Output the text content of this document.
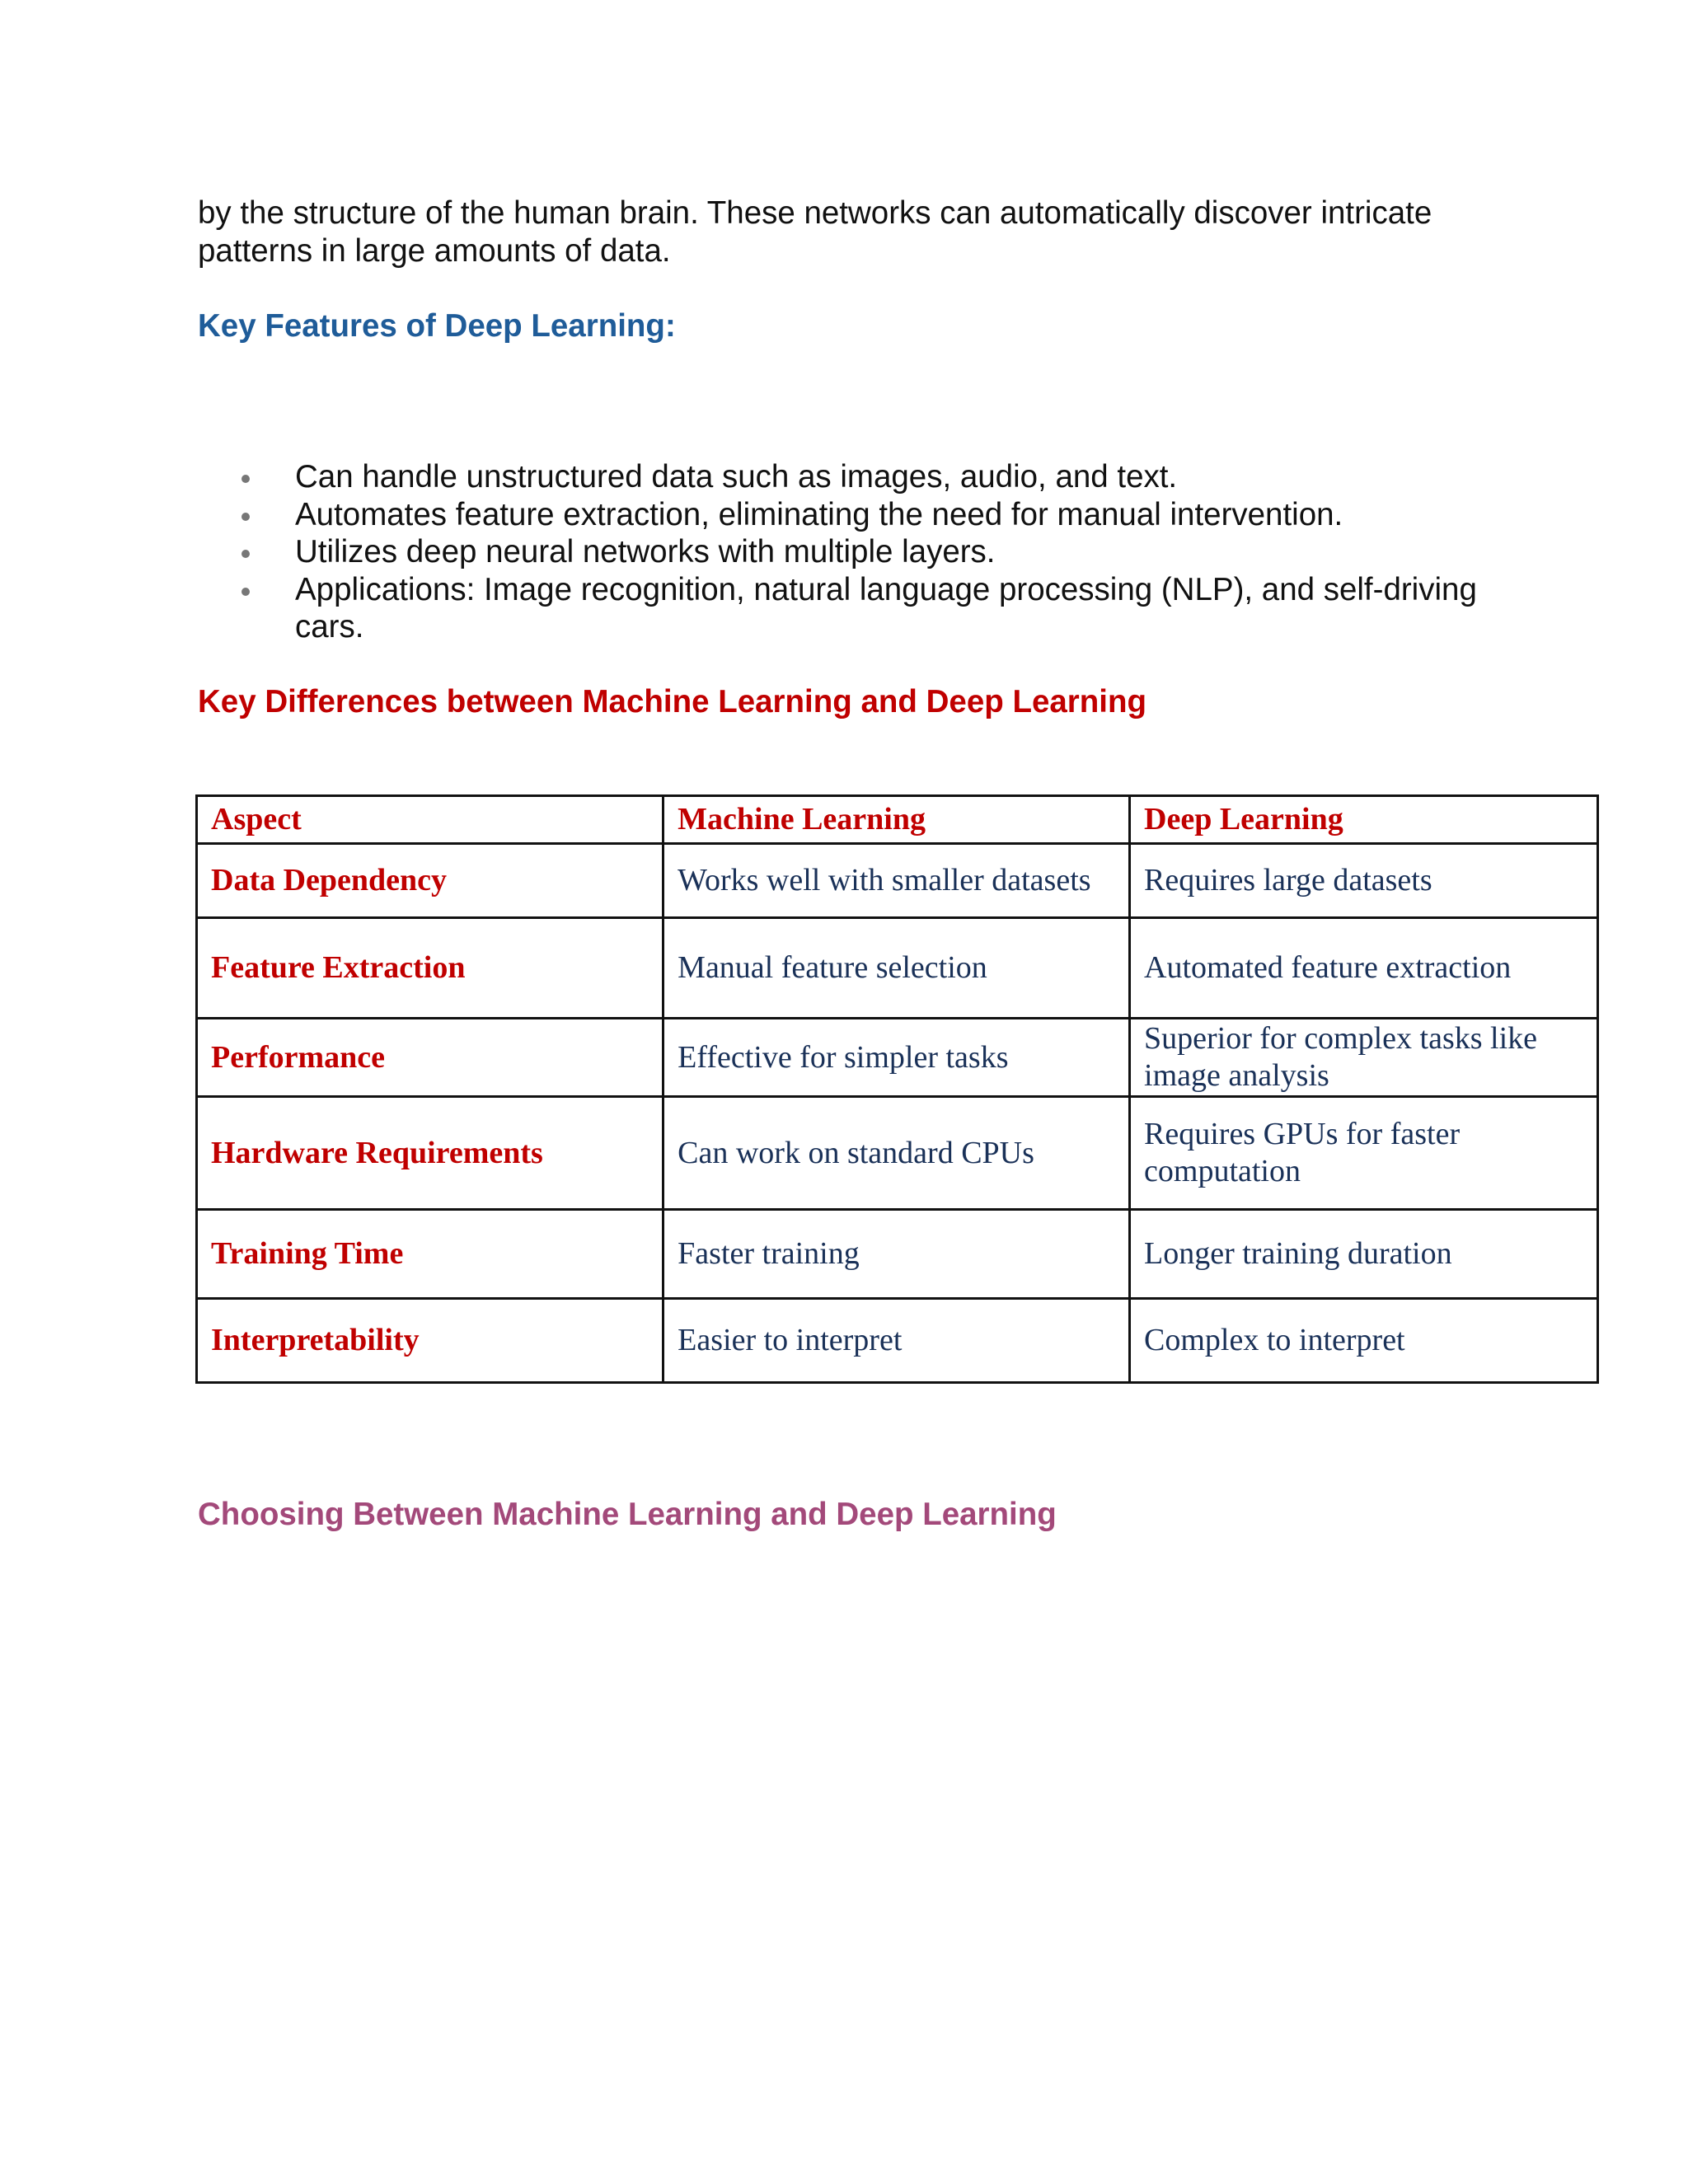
by the structure of the human brain. These networks can automatically discover intricate patterns in large amounts of data.

Key Features of Deep Learning:
Can handle unstructured data such as images, audio, and text.
Automates feature extraction, eliminating the need for manual intervention.
Utilizes deep neural networks with multiple layers.
Applications: Image recognition, natural language processing (NLP), and self-driving cars.
Key Differences between Machine Learning and Deep Learning
Aspect	Machine Learning	Deep Learning
Data Dependency	Works well with smaller datasets	Requires large datasets
Feature Extraction	Manual feature selection	Automated feature extraction
Performance	Effective for simpler tasks	Superior for complex tasks like image analysis
Hardware Requirements	Can work on standard CPUs	Requires GPUs for faster computation
Training Time	Faster training	Longer training duration
Interpretability	Easier to interpret	Complex to interpret
Choosing Between Machine Learning and Deep Learning
